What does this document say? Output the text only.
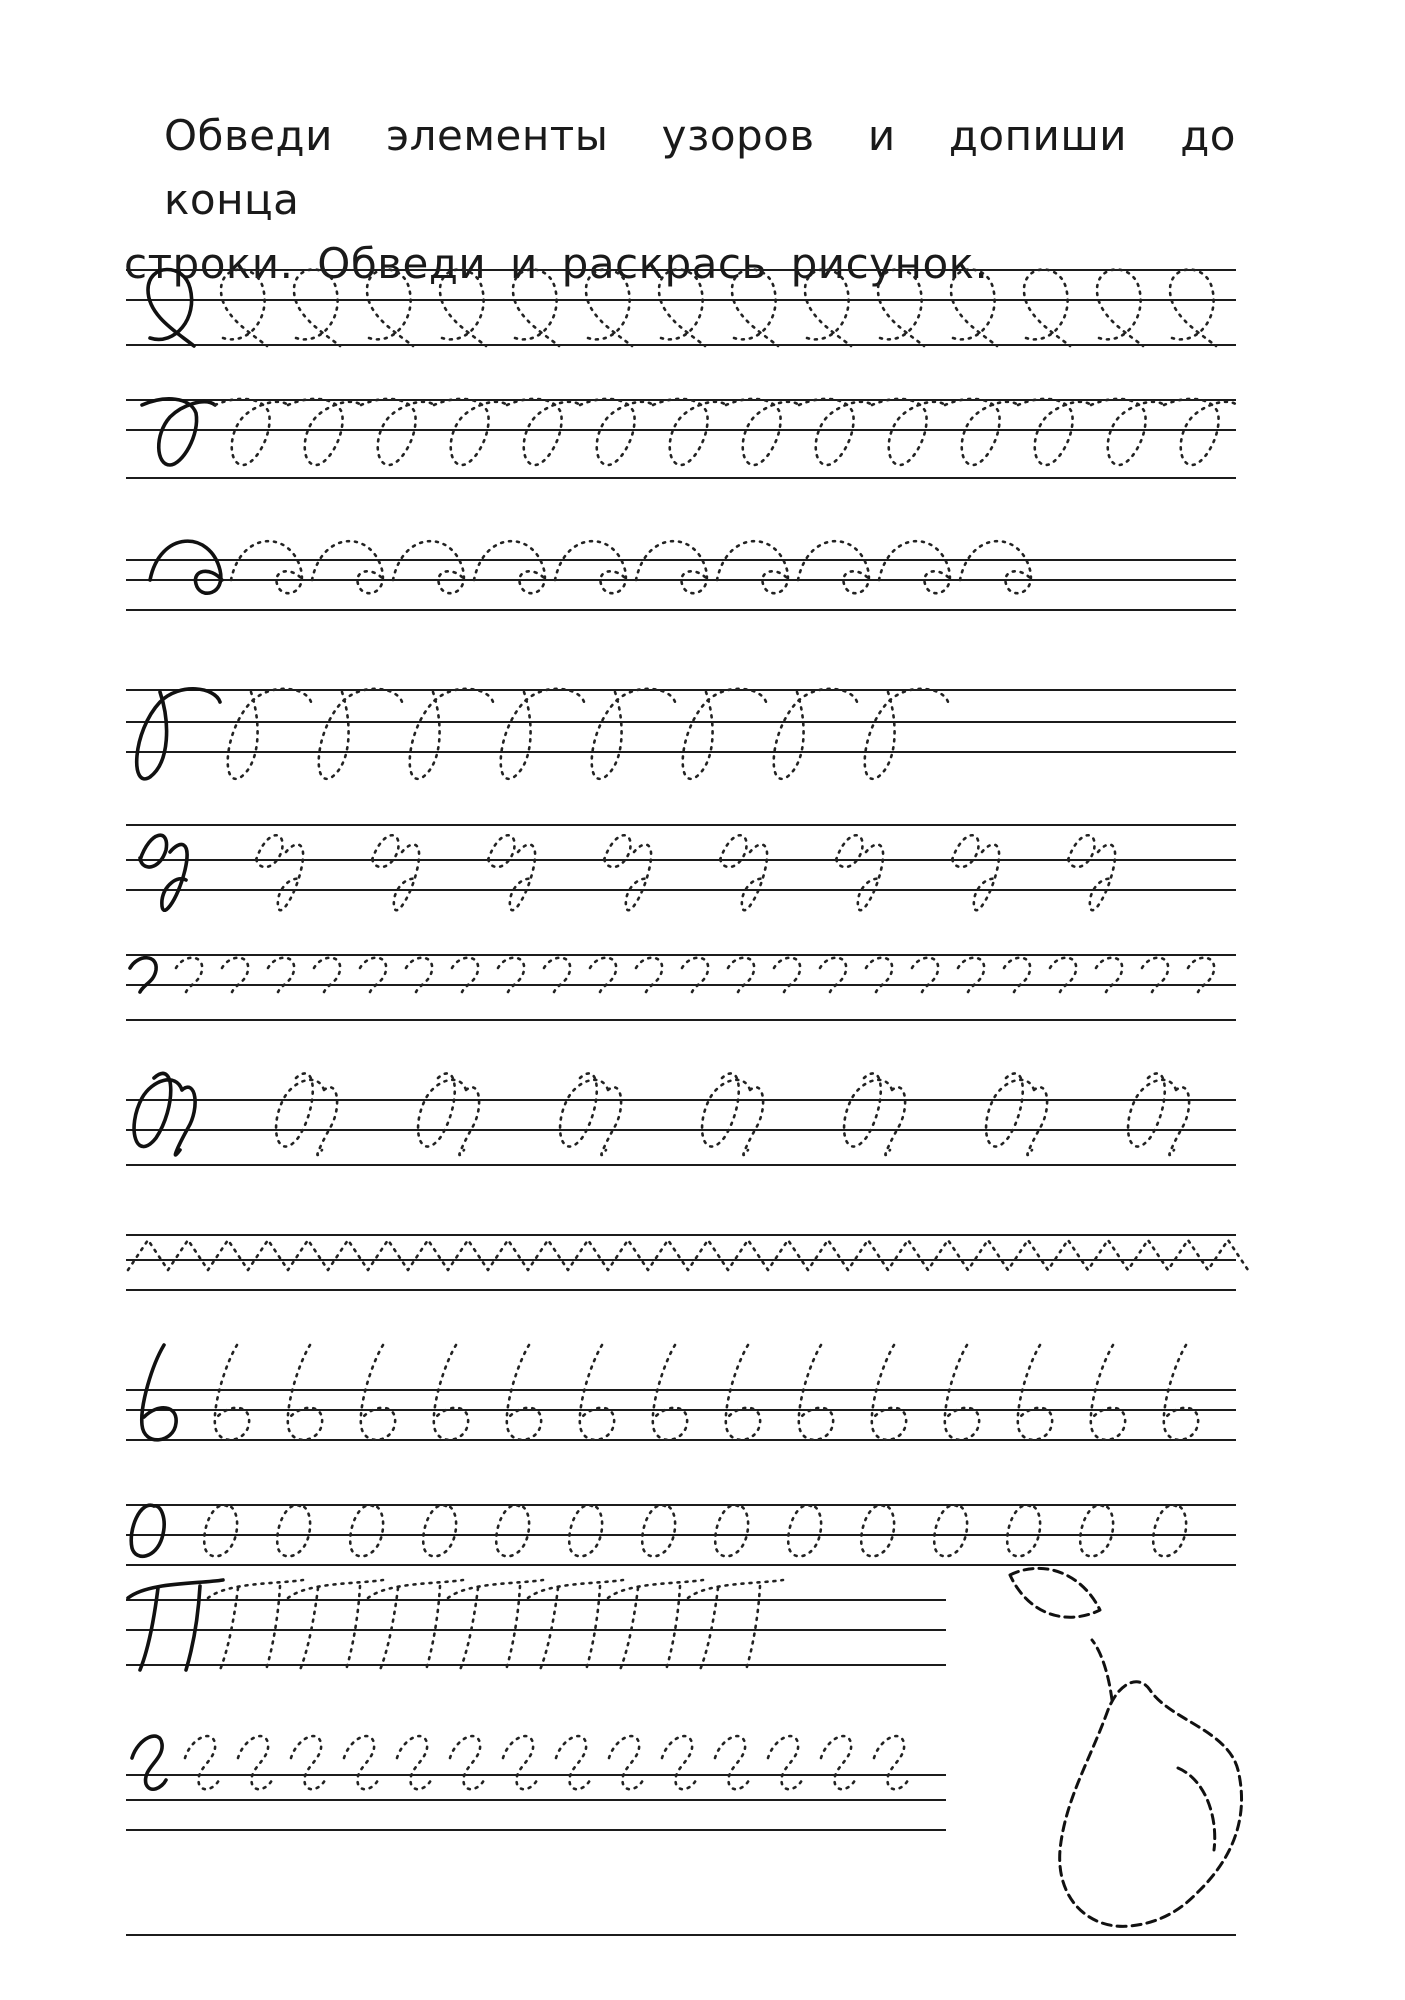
Обведи элементы узоров и допиши до конца
строки. Обведи и раскрась рисунок.
